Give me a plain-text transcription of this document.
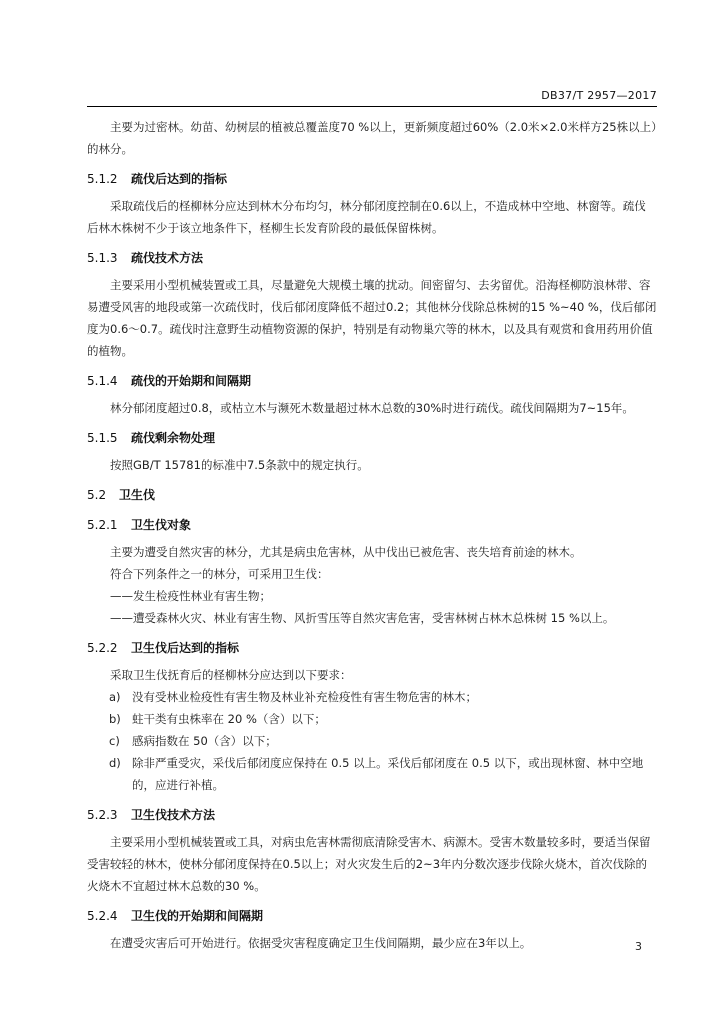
DB37/T 2957—2017

主要为过密林。幼苗、幼树层的植被总覆盖度70 %以上，更新频度超过60%（2.0米×2.0米样方25株以上）的林分。

5.1.2 疏伐后达到的指标

采取疏伐后的柽柳林分应达到林木分布均匀，林分郁闭度控制在0.6以上，不造成林中空地、林窗等。疏伐后林木株树不少于该立地条件下，柽柳生长发育阶段的最低保留株树。

5.1.3 疏伐技术方法

主要采用小型机械装置或工具，尽量避免大规模土壤的扰动。间密留匀、去劣留优。沿海柽柳防浪林带、容易遭受风害的地段或第一次疏伐时，伐后郁闭度降低不超过0.2；其他林分伐除总株树的15 %~40 %，伐后郁闭度为0.6～0.7。疏伐时注意野生动植物资源的保护，特别是有动物巢穴等的林木，以及具有观赏和食用药用价值的植物。

5.1.4 疏伐的开始期和间隔期

林分郁闭度超过0.8，或枯立木与濒死木数量超过林木总数的30%时进行疏伐。疏伐间隔期为7~15年。

5.1.5 疏伐剩余物处理

按照GB/T 15781的标准中7.5条款中的规定执行。

5.2 卫生伐
5.2.1 卫生伐对象

主要为遭受自然灾害的林分，尤其是病虫危害林，从中伐出已被危害、丧失培育前途的林木。

符合下列条件之一的林分，可采用卫生伐：

——发生检疫性林业有害生物；
——遭受森林火灾、林业有害生物、风折雪压等自然灾害危害，受害林树占林木总株树 15 %以上。
5.2.2 卫生伐后达到的指标

采取卫生伐抚育后的柽柳林分应达到以下要求：

a) 没有受林业检疫性有害生物及林业补充检疫性有害生物危害的林木；
b) 蛀干类有虫株率在 20 %（含）以下；
c) 感病指数在 50（含）以下；
d) 除非严重受灾，采伐后郁闭度应保持在 0.5 以上。采伐后郁闭度在 0.5 以下，或出现林窗、林中空地的，应进行补植。
5.2.3 卫生伐技术方法

主要采用小型机械装置或工具，对病虫危害林需彻底清除受害木、病源木。受害木数量较多时，要适当保留受害较轻的林木，使林分郁闭度保持在0.5以上；对火灾发生后的2~3年内分数次逐步伐除火烧木，首次伐除的火烧木不宜超过林木总数的30 %。

5.2.4 卫生伐的开始期和间隔期

在遭受灾害后可开始进行。依据受灾害程度确定卫生伐间隔期，最少应在3年以上。	3
